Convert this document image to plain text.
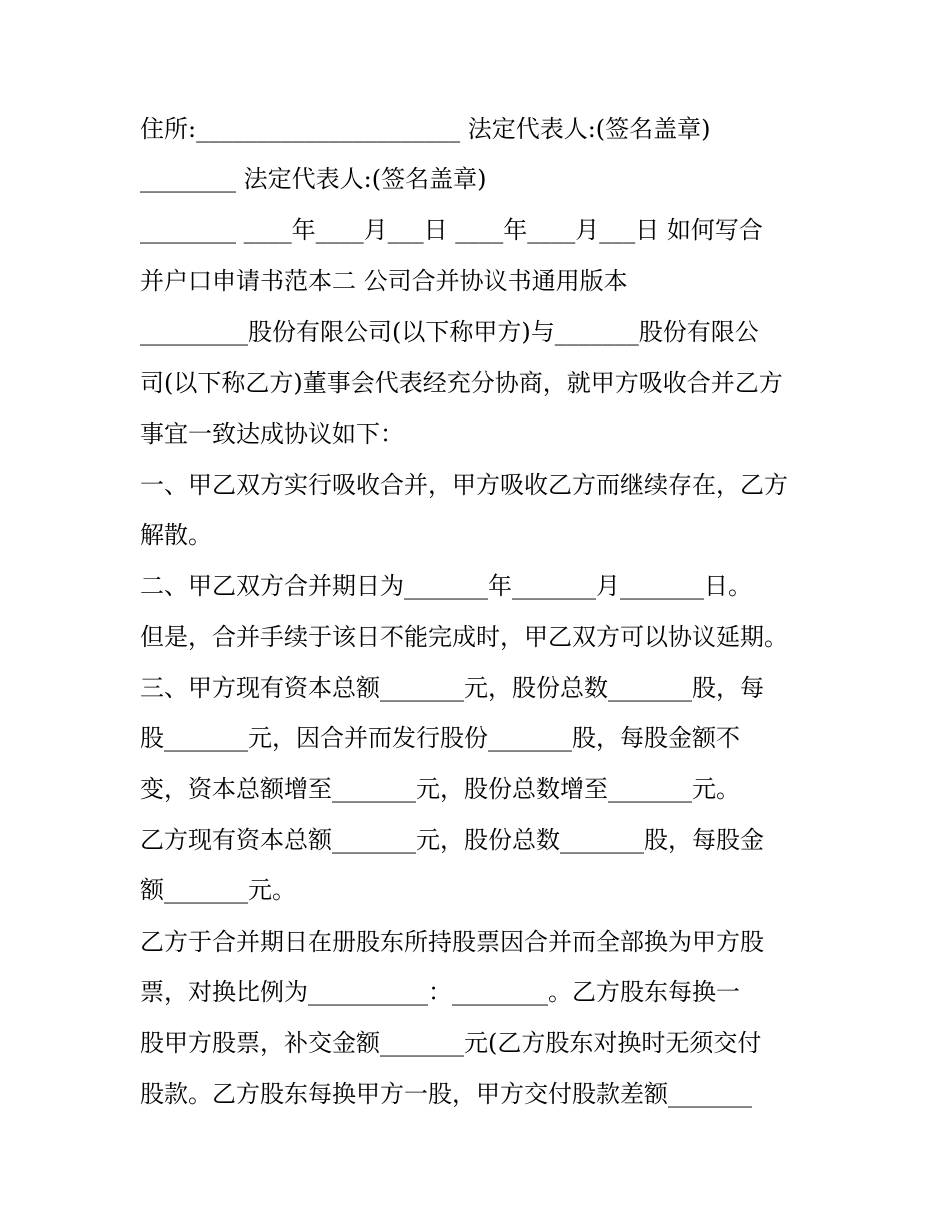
住所:______________________ 法定代表人:(签名盖章)
________ 法定代表人:(签名盖章)
________ ____年____月___日 ____年____月___日 如何写合
并户口申请书范本二 公司合并协议书通用版本
_________股份有限公司(以下称甲方)与_______股份有限公
司(以下称乙方)董事会代表经充分协商，就甲方吸收合并乙方
事宜一致达成协议如下：
一、甲乙双方实行吸收合并，甲方吸收乙方而继续存在，乙方
解散。
二、甲乙双方合并期日为_______年_______月_______日。
但是，合并手续于该日不能完成时，甲乙双方可以协议延期。
三、甲方现有资本总额_______元，股份总数_______股，每
股_______元，因合并而发行股份_______股，每股金额不
变，资本总额增至_______元，股份总数增至_______元。
乙方现有资本总额_______元，股份总数_______股，每股金
额_______元。
乙方于合并期日在册股东所持股票因合并而全部换为甲方股
票，对换比例为__________：________。乙方股东每换一
股甲方股票，补交金额_______元(乙方股东对换时无须交付
股款。乙方股东每换甲方一股，甲方交付股款差额_______
